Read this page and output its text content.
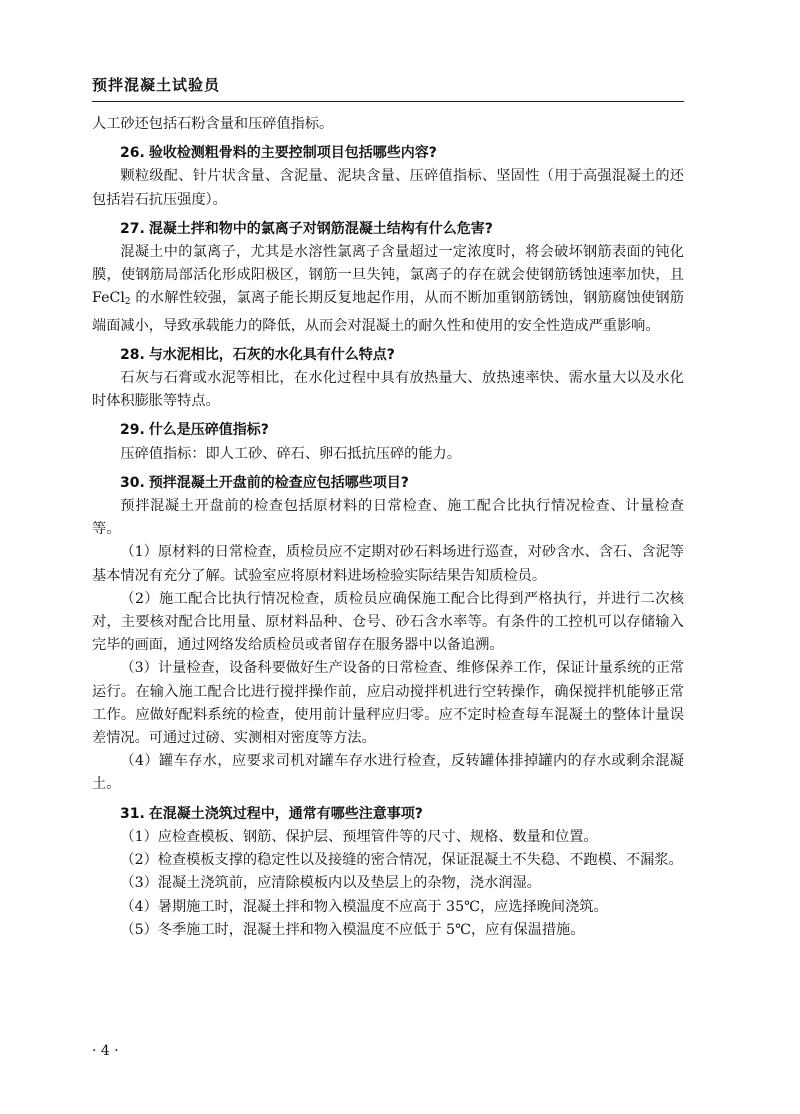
预拌混凝土试验员

人工砂还包括石粉含量和压碎值指标。

26. 验收检测粗骨料的主要控制项目包括哪些内容?

颗粒级配、针片状含量、含泥量、泥块含量、压碎值指标、坚固性（用于高强混凝土的还包括岩石抗压强度）。

27. 混凝土拌和物中的氯离子对钢筋混凝土结构有什么危害?

混凝土中的氯离子，尤其是水溶性氯离子含量超过一定浓度时，将会破坏钢筋表面的钝化膜，使钢筋局部活化形成阳极区，钢筋一旦失钝，氯离子的存在就会使钢筋锈蚀速率加快，且 FeCl$_2$ 的水解性较强，氯离子能长期反复地起作用，从而不断加重钢筋锈蚀，钢筋腐蚀使钢筋端面减小，导致承载能力的降低，从而会对混凝土的耐久性和使用的安全性造成严重影响。

28. 与水泥相比，石灰的水化具有什么特点?

石灰与石膏或水泥等相比，在水化过程中具有放热量大、放热速率快、需水量大以及水化时体积膨胀等特点。

29. 什么是压碎值指标?

压碎值指标：即人工砂、碎石、卵石抵抗压碎的能力。

30. 预拌混凝土开盘前的检查应包括哪些项目?

预拌混凝土开盘前的检查包括原材料的日常检查、施工配合比执行情况检查、计量检查等。

（1）原材料的日常检查，质检员应不定期对砂石料场进行巡查，对砂含水、含石、含泥等基本情况有充分了解。试验室应将原材料进场检验实际结果告知质检员。

（2）施工配合比执行情况检查，质检员应确保施工配合比得到严格执行，并进行二次核对，主要核对配合比用量、原材料品种、仓号、砂石含水率等。有条件的工控机可以存储输入完毕的画面，通过网络发给质检员或者留存在服务器中以备追溯。

（3）计量检查，设备科要做好生产设备的日常检查、维修保养工作，保证计量系统的正常运行。在输入施工配合比进行搅拌操作前，应启动搅拌机进行空转操作，确保搅拌机能够正常工作。应做好配料系统的检查，使用前计量秤应归零。应不定时检查每车混凝土的整体计量误差情况。可通过过磅、实测相对密度等方法。

（4）罐车存水，应要求司机对罐车存水进行检查，反转罐体排掉罐内的存水或剩余混凝土。

31. 在混凝土浇筑过程中，通常有哪些注意事项?

（1）应检查模板、钢筋、保护层、预埋管件等的尺寸、规格、数量和位置。

（2）检查模板支撑的稳定性以及接缝的密合情况，保证混凝土不失稳、不跑模、不漏浆。

（3）混凝土浇筑前，应清除模板内以及垫层上的杂物，浇水润湿。

（4）暑期施工时，混凝土拌和物入模温度不应高于 35℃，应选择晚间浇筑。

（5）冬季施工时，混凝土拌和物入模温度不应低于 5℃，应有保温措施。

· 4 ·
